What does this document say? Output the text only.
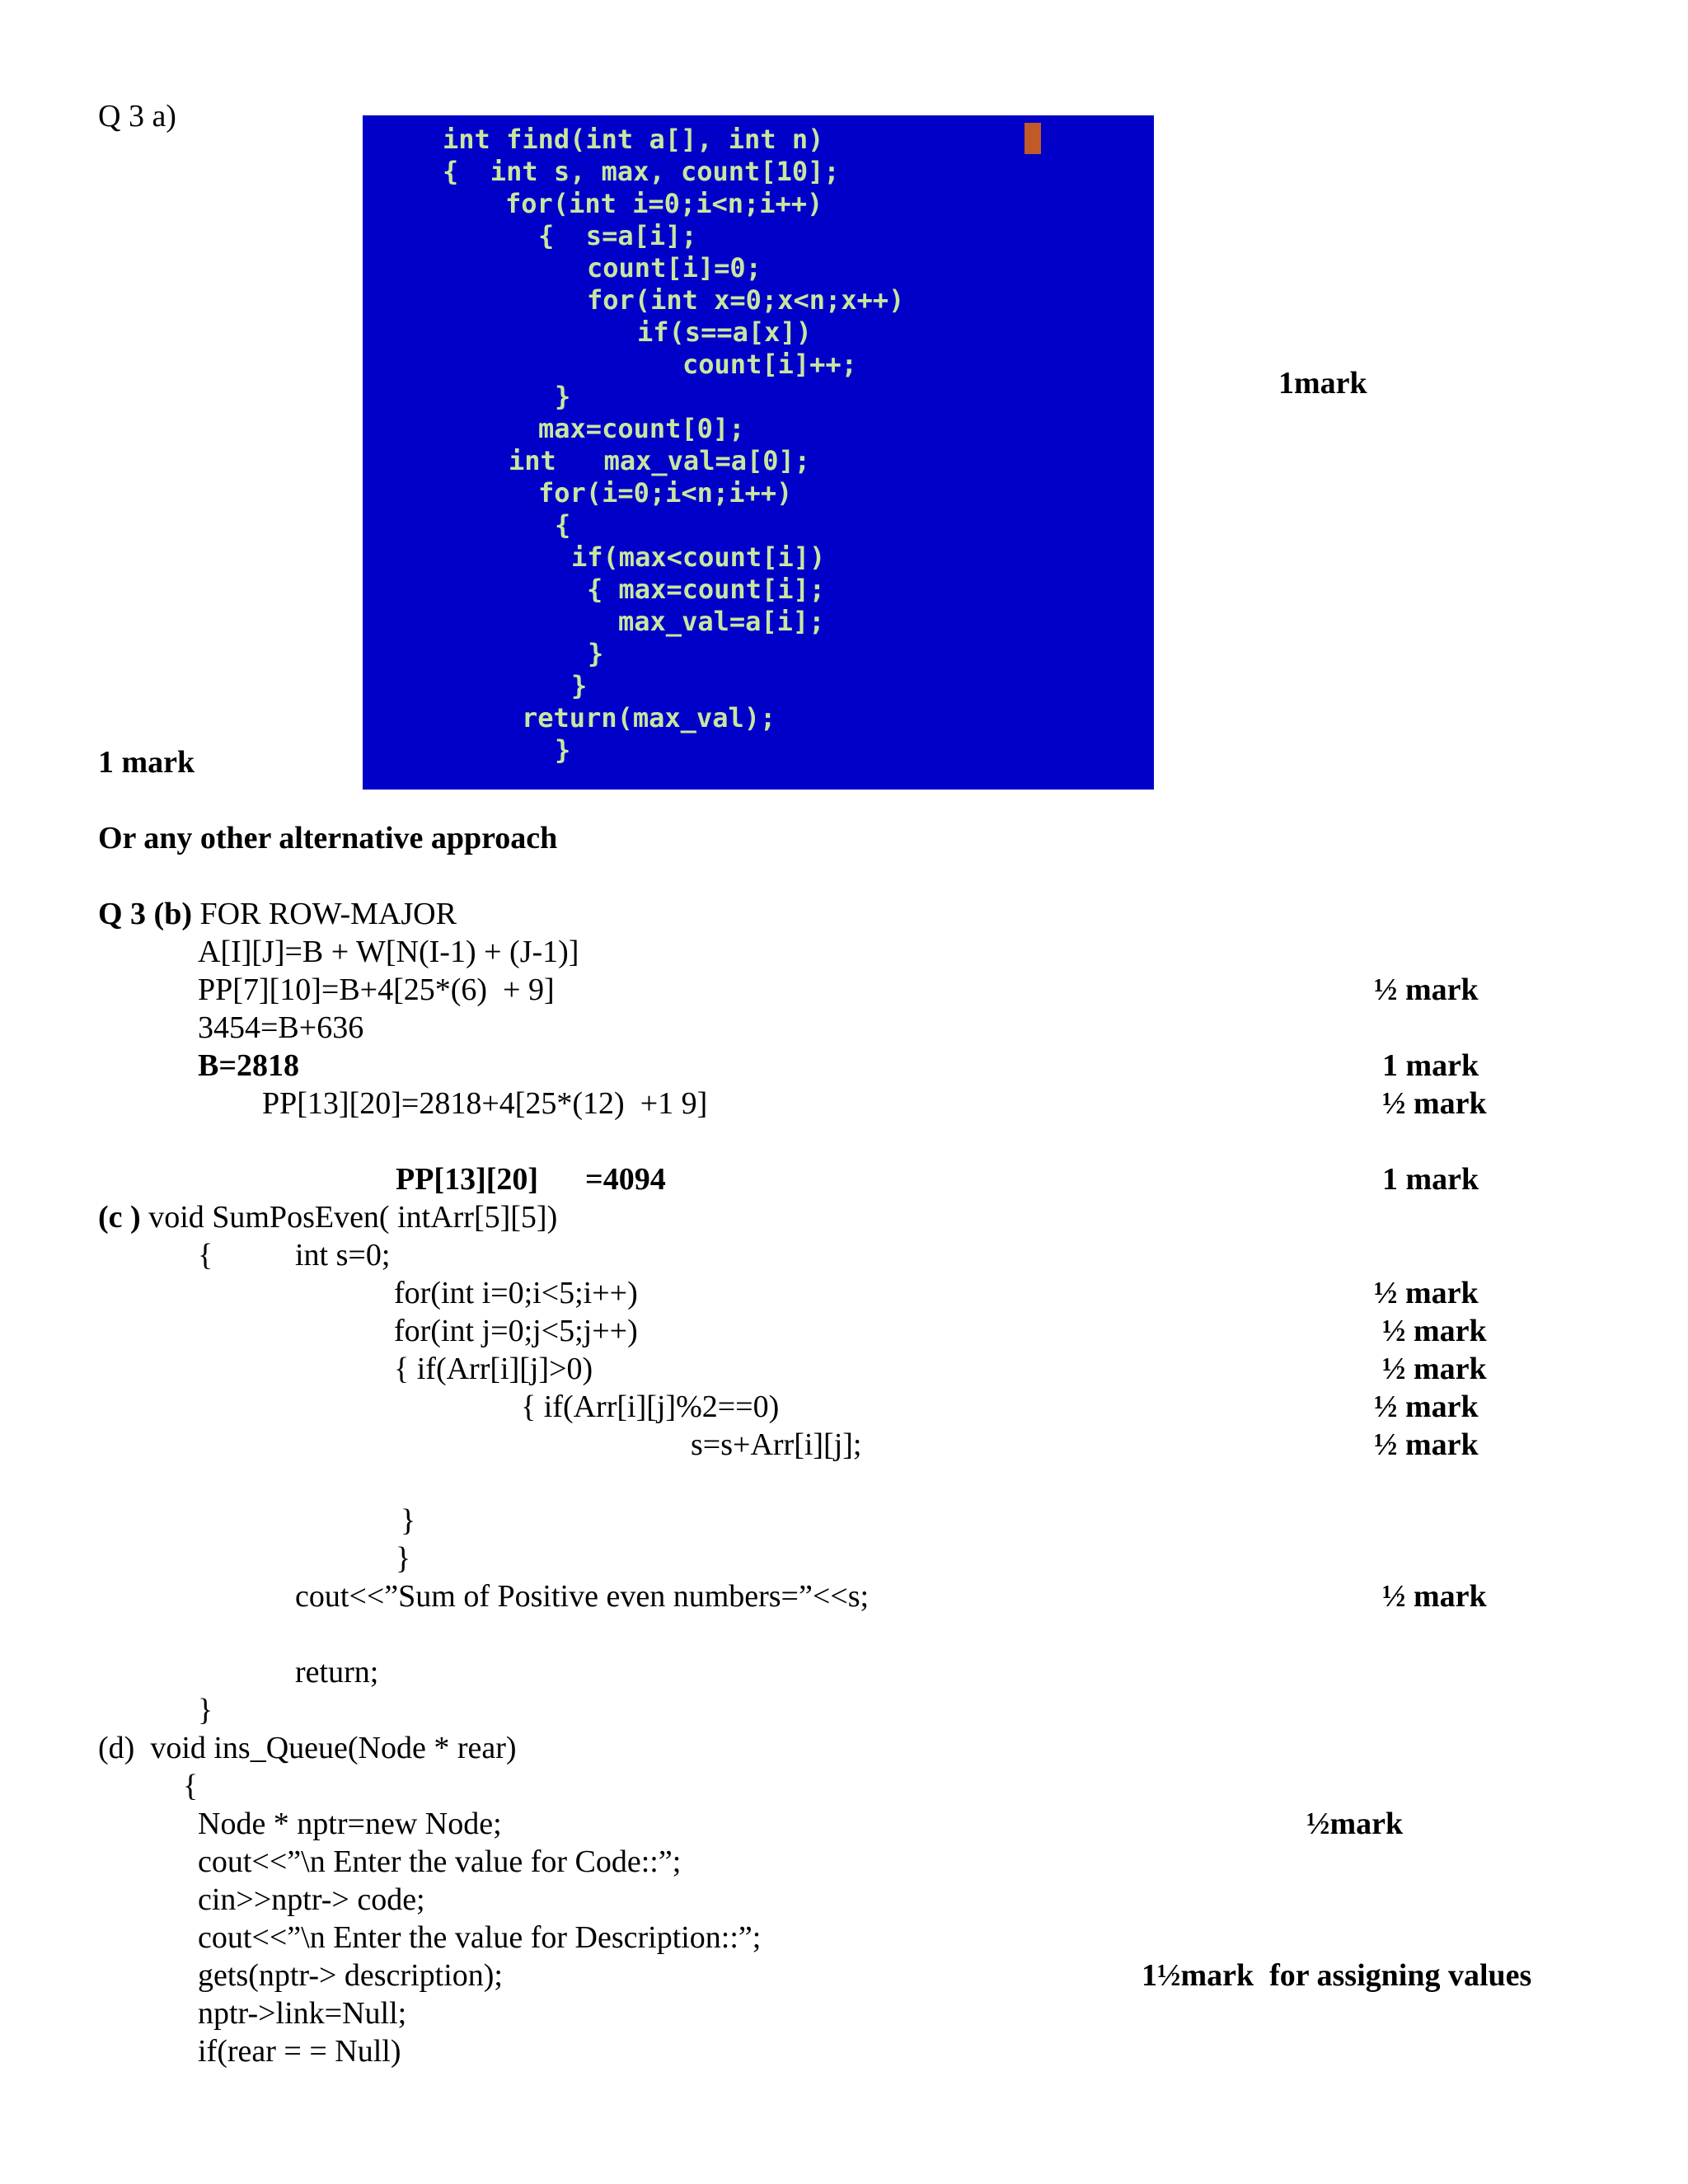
Q 3 a)
int find(int a[], int n)
{  int s, max, count[10];
for(int i=0;i<n;i++)
{  s=a[i];
count[i]=0;
for(int x=0;x<n;x++)
if(s==a[x])
count[i]++;
}
max=count[0];
int   max_val=a[0];
for(i=0;i<n;i++)
{
if(max<count[i])
{ max=count[i];
max_val=a[i];
}
}
return(max_val);
}
1mark
1 mark
Or any other alternative approach
Q 3 (b) FOR ROW-MAJOR
A[I][J]=B + W[N(I-1) + (J-1)]
PP[7][10]=B+4[25*(6)  + 9]
3454=B+636
B=2818
PP[13][20]=2818+4[25*(12)  +1 9]
PP[13][20]      =4094
½ mark
1 mark
½ mark
1 mark
(c ) void SumPosEven( intArr[5][5])
{	int s=0;
for(int i=0;i<5;i++)
for(int j=0;j<5;j++)
{ if(Arr[i][j]>0)
{ if(Arr[i][j]%2==0)
s=s+Arr[i][j];
}
}
cout<<”Sum of Positive even numbers=”<<s;
return;
}
½ mark
½ mark
½ mark
½ mark
½ mark
½ mark
(d)  void ins_Queue(Node * rear)
{
Node * nptr=new Node;
cout<<”\n Enter the value for Code::”;
cin>>nptr-> code;
cout<<”\n Enter the value for Description::”;
gets(nptr-> description);
nptr->link=Null;
if(rear = = Null)
½mark
1½mark  for assigning values
